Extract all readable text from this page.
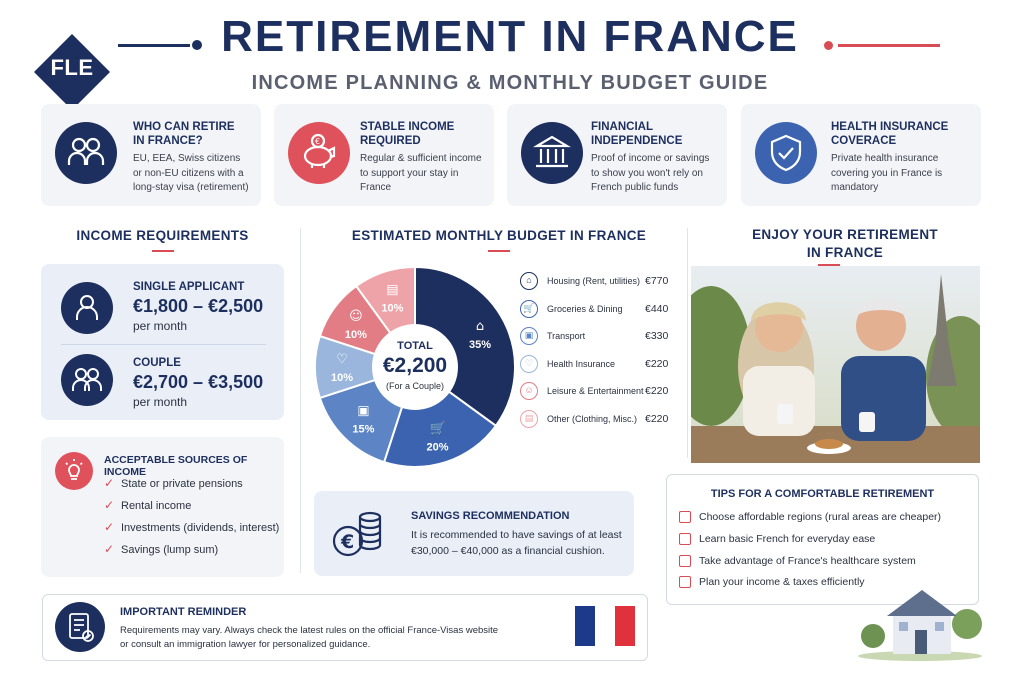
FLE
RETIREMENT IN FRANCE
INCOME PLANNING & MONTHLY BUDGET GUIDE
WHO CAN RETIRE
IN FRANCE?
EU, EEA, Swiss citizens
or non-EU citizens with a
long-stay visa (retirement)
€
STABLE INCOME
REQUIRED
Regular & sufficient income
to support your stay in
France
FINANCIAL
INDEPENDENCE
Proof of income or savings
to show you won't rely on
French public funds
HEALTH INSURANCE
COVERACE
Private health insurance
covering you in France is
mandatory
INCOME REQUIREMENTS
SINGLE APPLICANT
€1,800 – €2,500
per month
COUPLE
€2,700 – €3,500
per month
ACCEPTABLE SOURCES OF INCOME
✓ State or private pensions
✓ Rental income
✓ Investments (dividends, interest)
✓ Savings (lump sum)
ESTIMATED MONTHLY BUDGET IN FRANCE
⌂
35%
🛒
20%
▣
15%
♡
10%
☺
10%
▤
10%
TOTAL
€2,200
(For a Couple)
⌂	Housing (Rent, utilities) €770
🛒	Groceries & Dining €440
▣	Transport	€330
♡	Health Insurance	€220
☺	Leisure & Entertainment €220
▤	Other (Clothing, Misc.) €220
€
SAVINGS RECOMMENDATION
It is recommended to have savings of at least
€30,000 – €40,000 as a financial cushion.
ENJOY YOUR RETIREMENT
IN FRANCE
TIPS FOR A COMFORTABLE RETIREMENT
Choose affordable regions (rural areas are cheaper)
Learn basic French for everyday ease
Take advantage of France's healthcare system
Plan your income & taxes efficiently
IMPORTANT REMINDER
Requirements may vary. Always check the latest rules on the official France-Visas website
or consult an immigration lawyer for personalized guidance.
